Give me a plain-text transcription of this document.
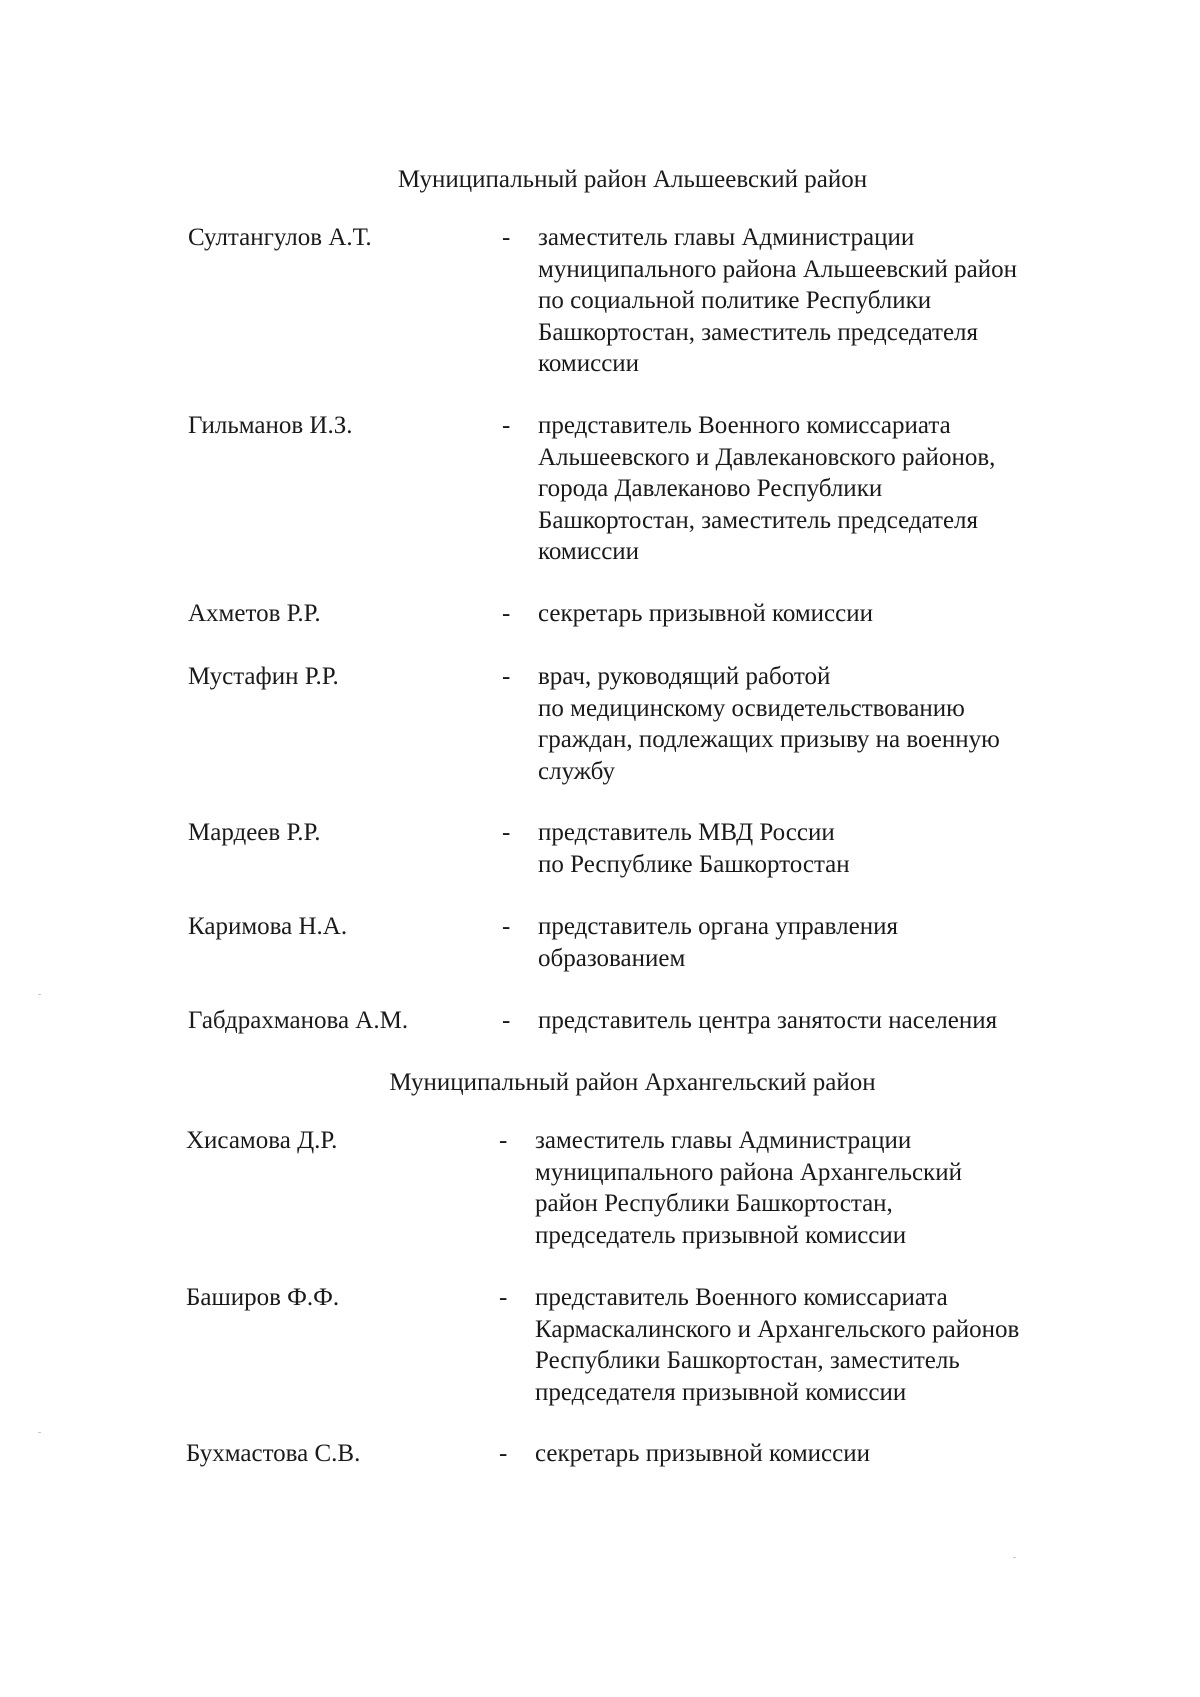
Муниципальный район Альшеевский район
Султангулов А.Т.	- заместитель главы Администрации
муниципального района Альшеевский район
по социальной политике Республики
Башкортостан, заместитель председателя
комиссии
Гильманов И.З.	- представитель Военного комиссариата
Альшеевского и Давлекановского районов,
города Давлеканово Республики
Башкортостан, заместитель председателя
комиссии
Ахметов Р.Р.	- секретарь призывной комиссии
Мустафин Р.Р.	- врач, руководящий работой
по медицинскому освидетельствованию
граждан, подлежащих призыву на военную
службу
Мардеев Р.Р.	- представитель МВД России
по Республике Башкортостан
Каримова Н.А.	- представитель органа управления
образованием
Габдрахманова А.М.	- представитель центра занятости населения
Муниципальный район Архангельский район
Хисамова Д.Р.	- заместитель главы Администрации
муниципального района Архангельский
район Республики Башкортостан,
председатель призывной комиссии
Баширов Ф.Ф.	- представитель Военного комиссариата
Кармаскалинского и Архангельского районов
Республики Башкортостан, заместитель
председателя призывной комиссии
Бухмастова С.В.	- секретарь призывной комиссии
